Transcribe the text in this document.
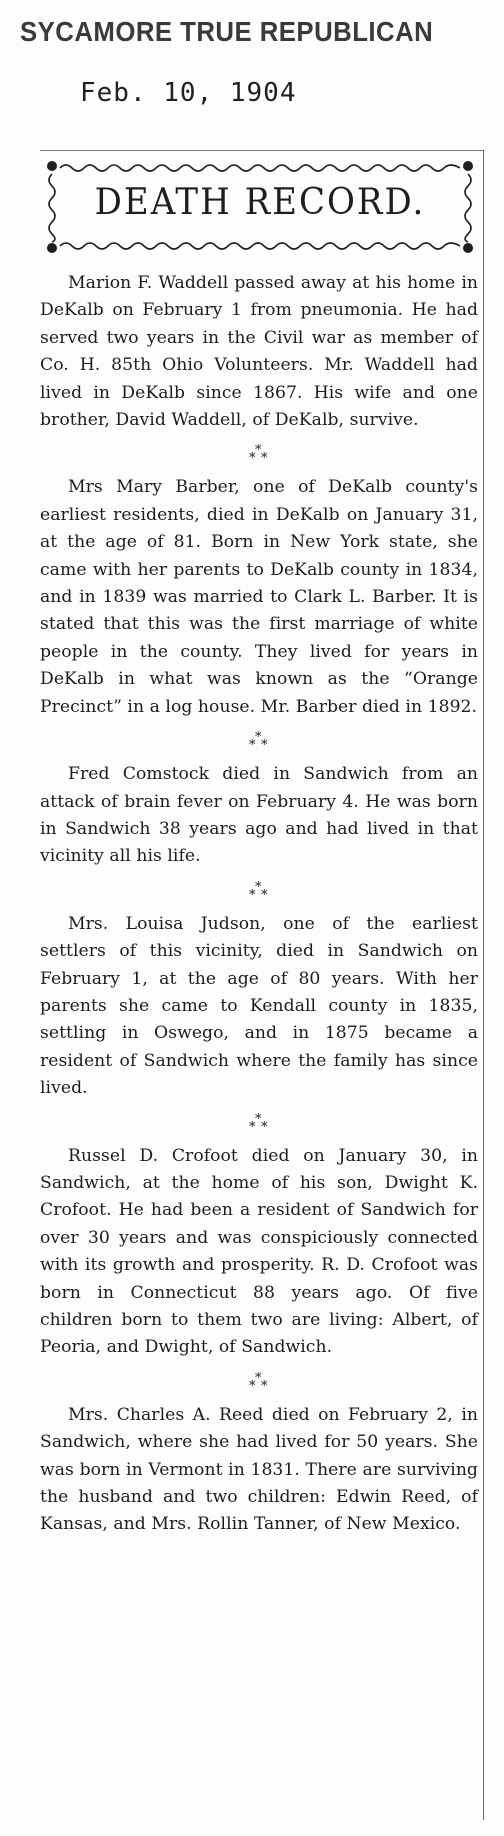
SYCAMORE TRUE REPUBLICAN
Feb. 10, 1904
DEATH RECORD.

Marion F. Waddell passed away at his home in DeKalb on February 1 from pneumonia. He had served two years in the Civil war as member of Co. H. 85th Ohio Volunteers. Mr. Waddell had lived in DeKalb since 1867. His wife and one brother, David Waddell, of DeKalb, survive.

*
* *

Mrs Mary Barber, one of DeKalb county's earliest residents, died in DeKalb on January 31, at the age of 81. Born in New York state, she came with her parents to DeKalb county in 1834, and in 1839 was married to Clark L. Barber. It is stated that this was the first marriage of white people in the county. They lived for years in DeKalb in what was known as the “Orange Precinct” in a log house. Mr. Barber died in 1892.

*
* *

Fred Comstock died in Sandwich from an attack of brain fever on February 4. He was born in Sandwich 38 years ago and had lived in that vicinity all his life.

*
* *

Mrs. Louisa Judson, one of the earliest settlers of this vicinity, died in Sandwich on February 1, at the age of 80 years. With her parents she came to Kendall county in 1835, settling in Oswego, and in 1875 became a resident of Sandwich where the family has since lived.

*
* *

Russel D. Crofoot died on January 30, in Sandwich, at the home of his son, Dwight K. Crofoot. He had been a resident of Sandwich for over 30 years and was conspiciously connected with its growth and prosperity. R. D. Crofoot was born in Connecticut 88 years ago. Of five children born to them two are living: Albert, of Peoria, and Dwight, of Sandwich.

*
* *

Mrs. Charles A. Reed died on February 2, in Sandwich, where she had lived for 50 years. She was born in Vermont in 1831. There are surviving the husband and two children: Edwin Reed, of Kansas, and Mrs. Rollin Tanner, of New Mexico.
